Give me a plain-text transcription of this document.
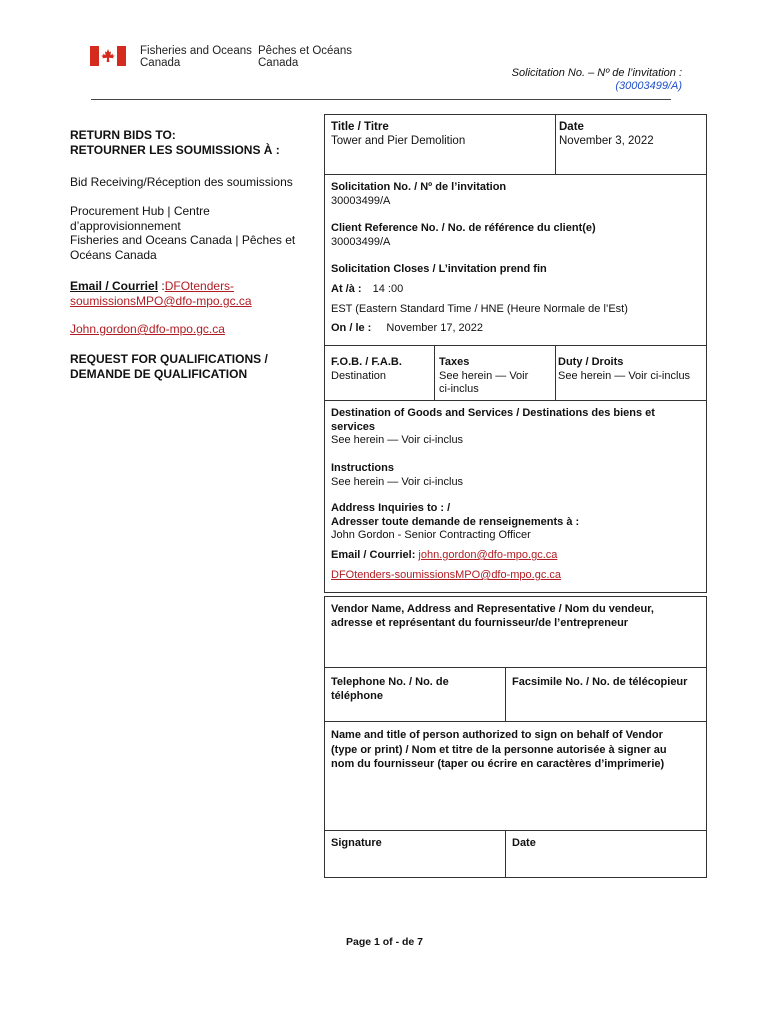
Fisheries and Oceans
Canada
Pêches et Océans
Canada
Solicitation No. – Nº de l’invitation :
(30003499/A)
RETURN BIDS TO:
RETOURNER LES SOUMISSIONS À :
Bid Receiving/Réception des soumissions
Procurement Hub | Centre
d’approvisionnement
Fisheries and Oceans Canada | Pêches et
Océans Canada
Email / Courriel :DFOtenders-
soumissionsMPO@dfo-mpo.gc.ca
John.gordon@dfo-mpo.gc.ca
REQUEST FOR QUALIFICATIONS /
DEMANDE DE QUALIFICATION
Title / Titre
Tower and Pier Demolition
Date
November 3, 2022
Solicitation No. / Nº de l’invitation
30003499/A
Client Reference No. / No. de référence du client(e)
30003499/A
Solicitation Closes / L’invitation prend fin
At /à : 14 :00
EST (Eastern Standard Time / HNE (Heure Normale de l’Est)
On / le : November 17, 2022
F.O.B. / F.A.B.
Destination
Taxes
See herein — Voir
ci-inclus
Duty / Droits
See herein — Voir ci-inclus
Destination of Goods and Services / Destinations des biens et
services
See herein — Voir ci-inclus
Instructions
See herein — Voir ci-inclus
Address Inquiries to : /
Adresser toute demande de renseignements à :
John Gordon - Senior Contracting Officer
Email / Courriel: john.gordon@dfo-mpo.gc.ca
DFOtenders-soumissionsMPO@dfo-mpo.gc.ca
Vendor Name, Address and Representative / Nom du vendeur,
adresse et représentant du fournisseur/de l’entrepreneur
Telephone No. / No. de
téléphone
Facsimile No. / No. de télécopieur
Name and title of person authorized to sign on behalf of Vendor
(type or print) / Nom et titre de la personne autorisée à signer au
nom du fournisseur (taper ou écrire en caractères d’imprimerie)
Signature	Date
Page 1 of - de 7
